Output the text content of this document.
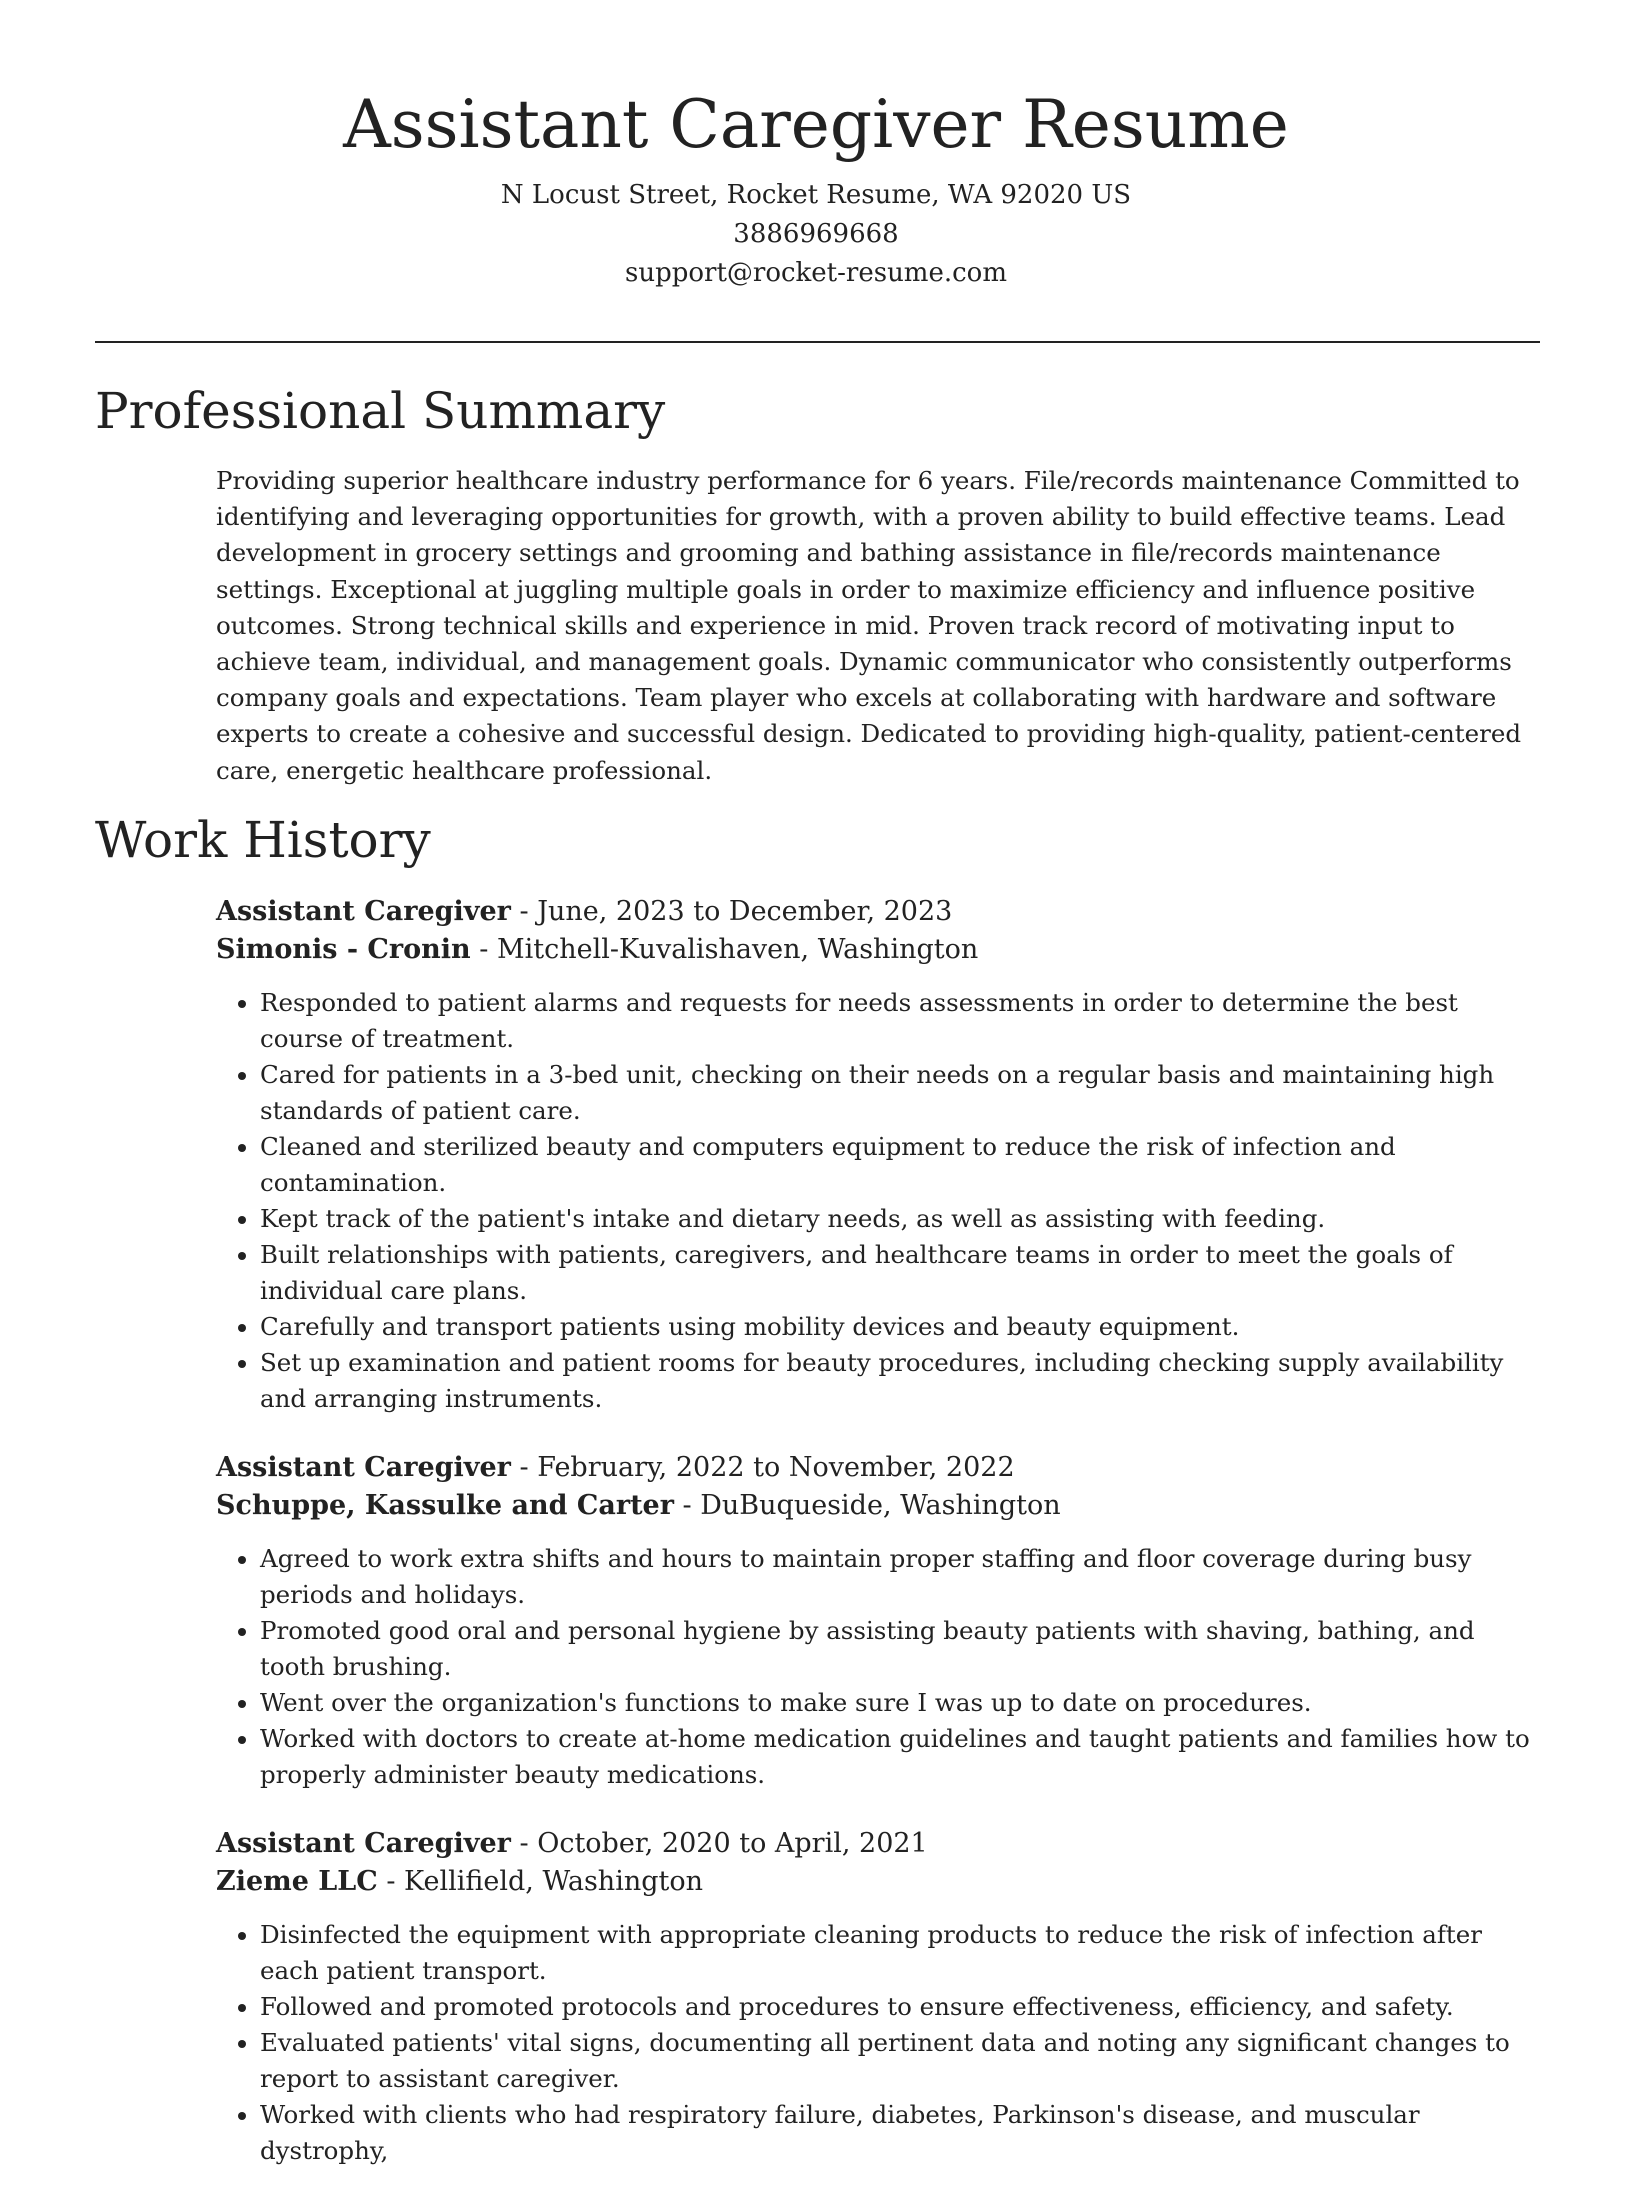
Assistant Caregiver Resume
N Locust Street, Rocket Resume, WA 92020 US
3886969668
support@rocket-resume.com
Professional Summary

Providing superior healthcare industry performance for 6 years. File/records maintenance Committed to identifying and leveraging opportunities for growth, with a proven ability to build effective teams. Lead development in grocery settings and grooming and bathing assistance in file/records maintenance settings. Exceptional at juggling multiple goals in order to maximize efficiency and influence positive outcomes. Strong technical skills and experience in mid. Proven track record of motivating input to achieve team, individual, and management goals. Dynamic communicator who consistently outperforms company goals and expectations. Team player who excels at collaborating with hardware and software experts to create a cohesive and successful design. Dedicated to providing high-quality, patient-centered care, energetic healthcare professional.

Work History
Assistant Caregiver - June, 2023 to December, 2023
Simonis - Cronin - Mitchell-Kuvalishaven, Washington
• Responded to patient alarms and requests for needs assessments in order to determine the best course of treatment.
• Cared for patients in a 3-bed unit, checking on their needs on a regular basis and maintaining high standards of patient care.
• Cleaned and sterilized beauty and computers equipment to reduce the risk of infection and contamination.
• Kept track of the patient's intake and dietary needs, as well as assisting with feeding.
• Built relationships with patients, caregivers, and healthcare teams in order to meet the goals of individual care plans.
• Carefully and transport patients using mobility devices and beauty equipment.
• Set up examination and patient rooms for beauty procedures, including checking supply availability and arranging instruments.
Assistant Caregiver - February, 2022 to November, 2022
Schuppe, Kassulke and Carter - DuBuqueside, Washington
• Agreed to work extra shifts and hours to maintain proper staffing and floor coverage during busy periods and holidays.
• Promoted good oral and personal hygiene by assisting beauty patients with shaving, bathing, and tooth brushing.
• Went over the organization's functions to make sure I was up to date on procedures.
• Worked with doctors to create at-home medication guidelines and taught patients and families how to properly administer beauty medications.
Assistant Caregiver - October, 2020 to April, 2021
Zieme LLC - Kellifield, Washington
• Disinfected the equipment with appropriate cleaning products to reduce the risk of infection after each patient transport.
• Followed and promoted protocols and procedures to ensure effectiveness, efficiency, and safety.
• Evaluated patients' vital signs, documenting all pertinent data and noting any significant changes to report to assistant caregiver.
• Worked with clients who had respiratory failure, diabetes, Parkinson's disease, and muscular dystrophy,
